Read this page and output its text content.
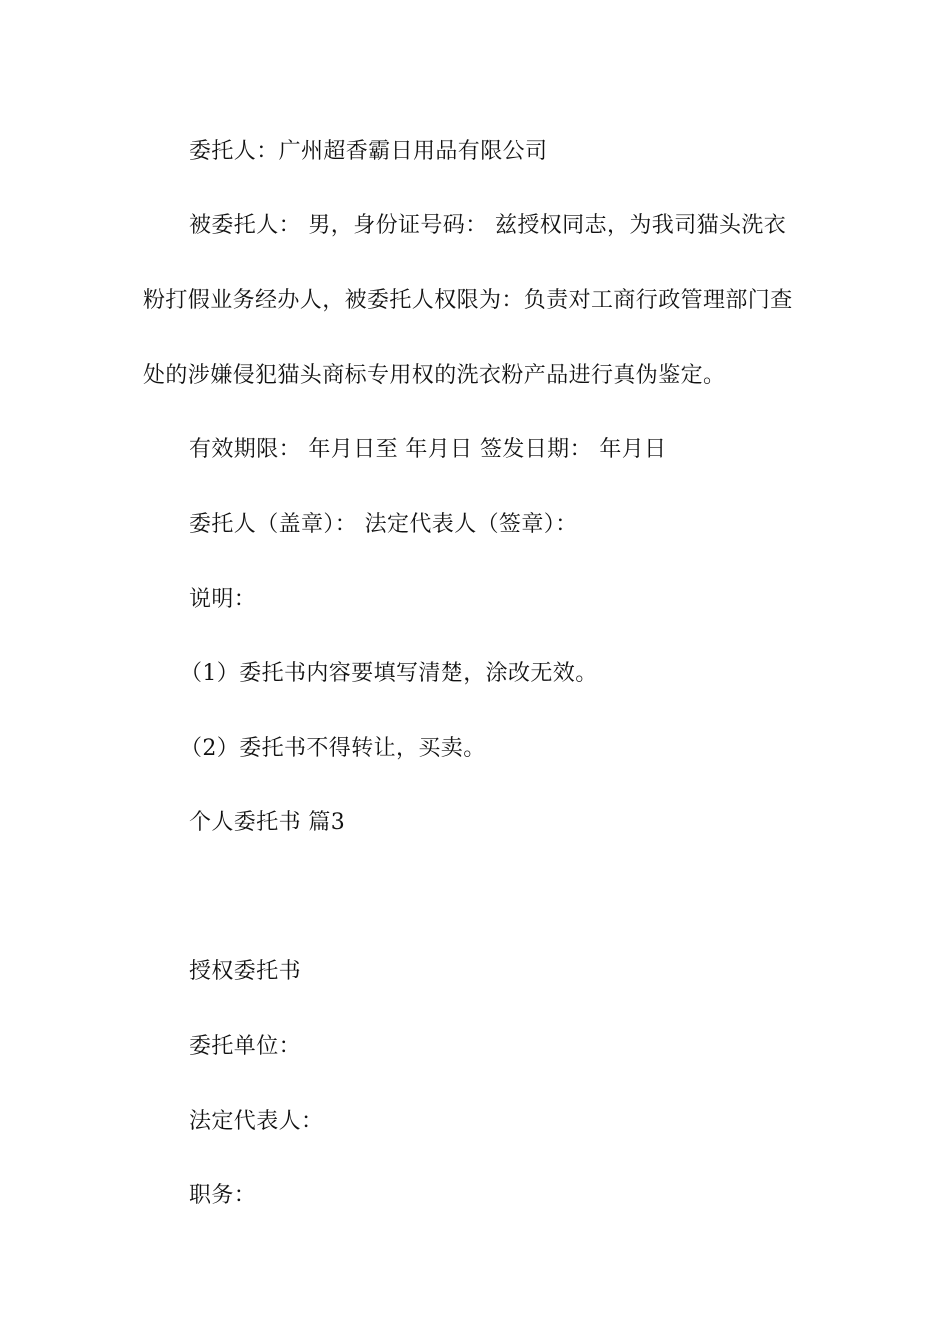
委托人：广州超香霸日用品有限公司
被委托人： 男，身份证号码： 兹授权同志，为我司猫头洗衣
粉打假业务经办人，被委托人权限为：负责对工商行政管理部门查
处的涉嫌侵犯猫头商标专用权的洗衣粉产品进行真伪鉴定。
有效期限： 年月日至 年月日 签发日期： 年月日
委托人（盖章）： 法定代表人（签章）：
说明：
（1）委托书内容要填写清楚，涂改无效。
（2）委托书不得转让，买卖。
个人委托书 篇3
授权委托书
委托单位：
法定代表人：
职务：
